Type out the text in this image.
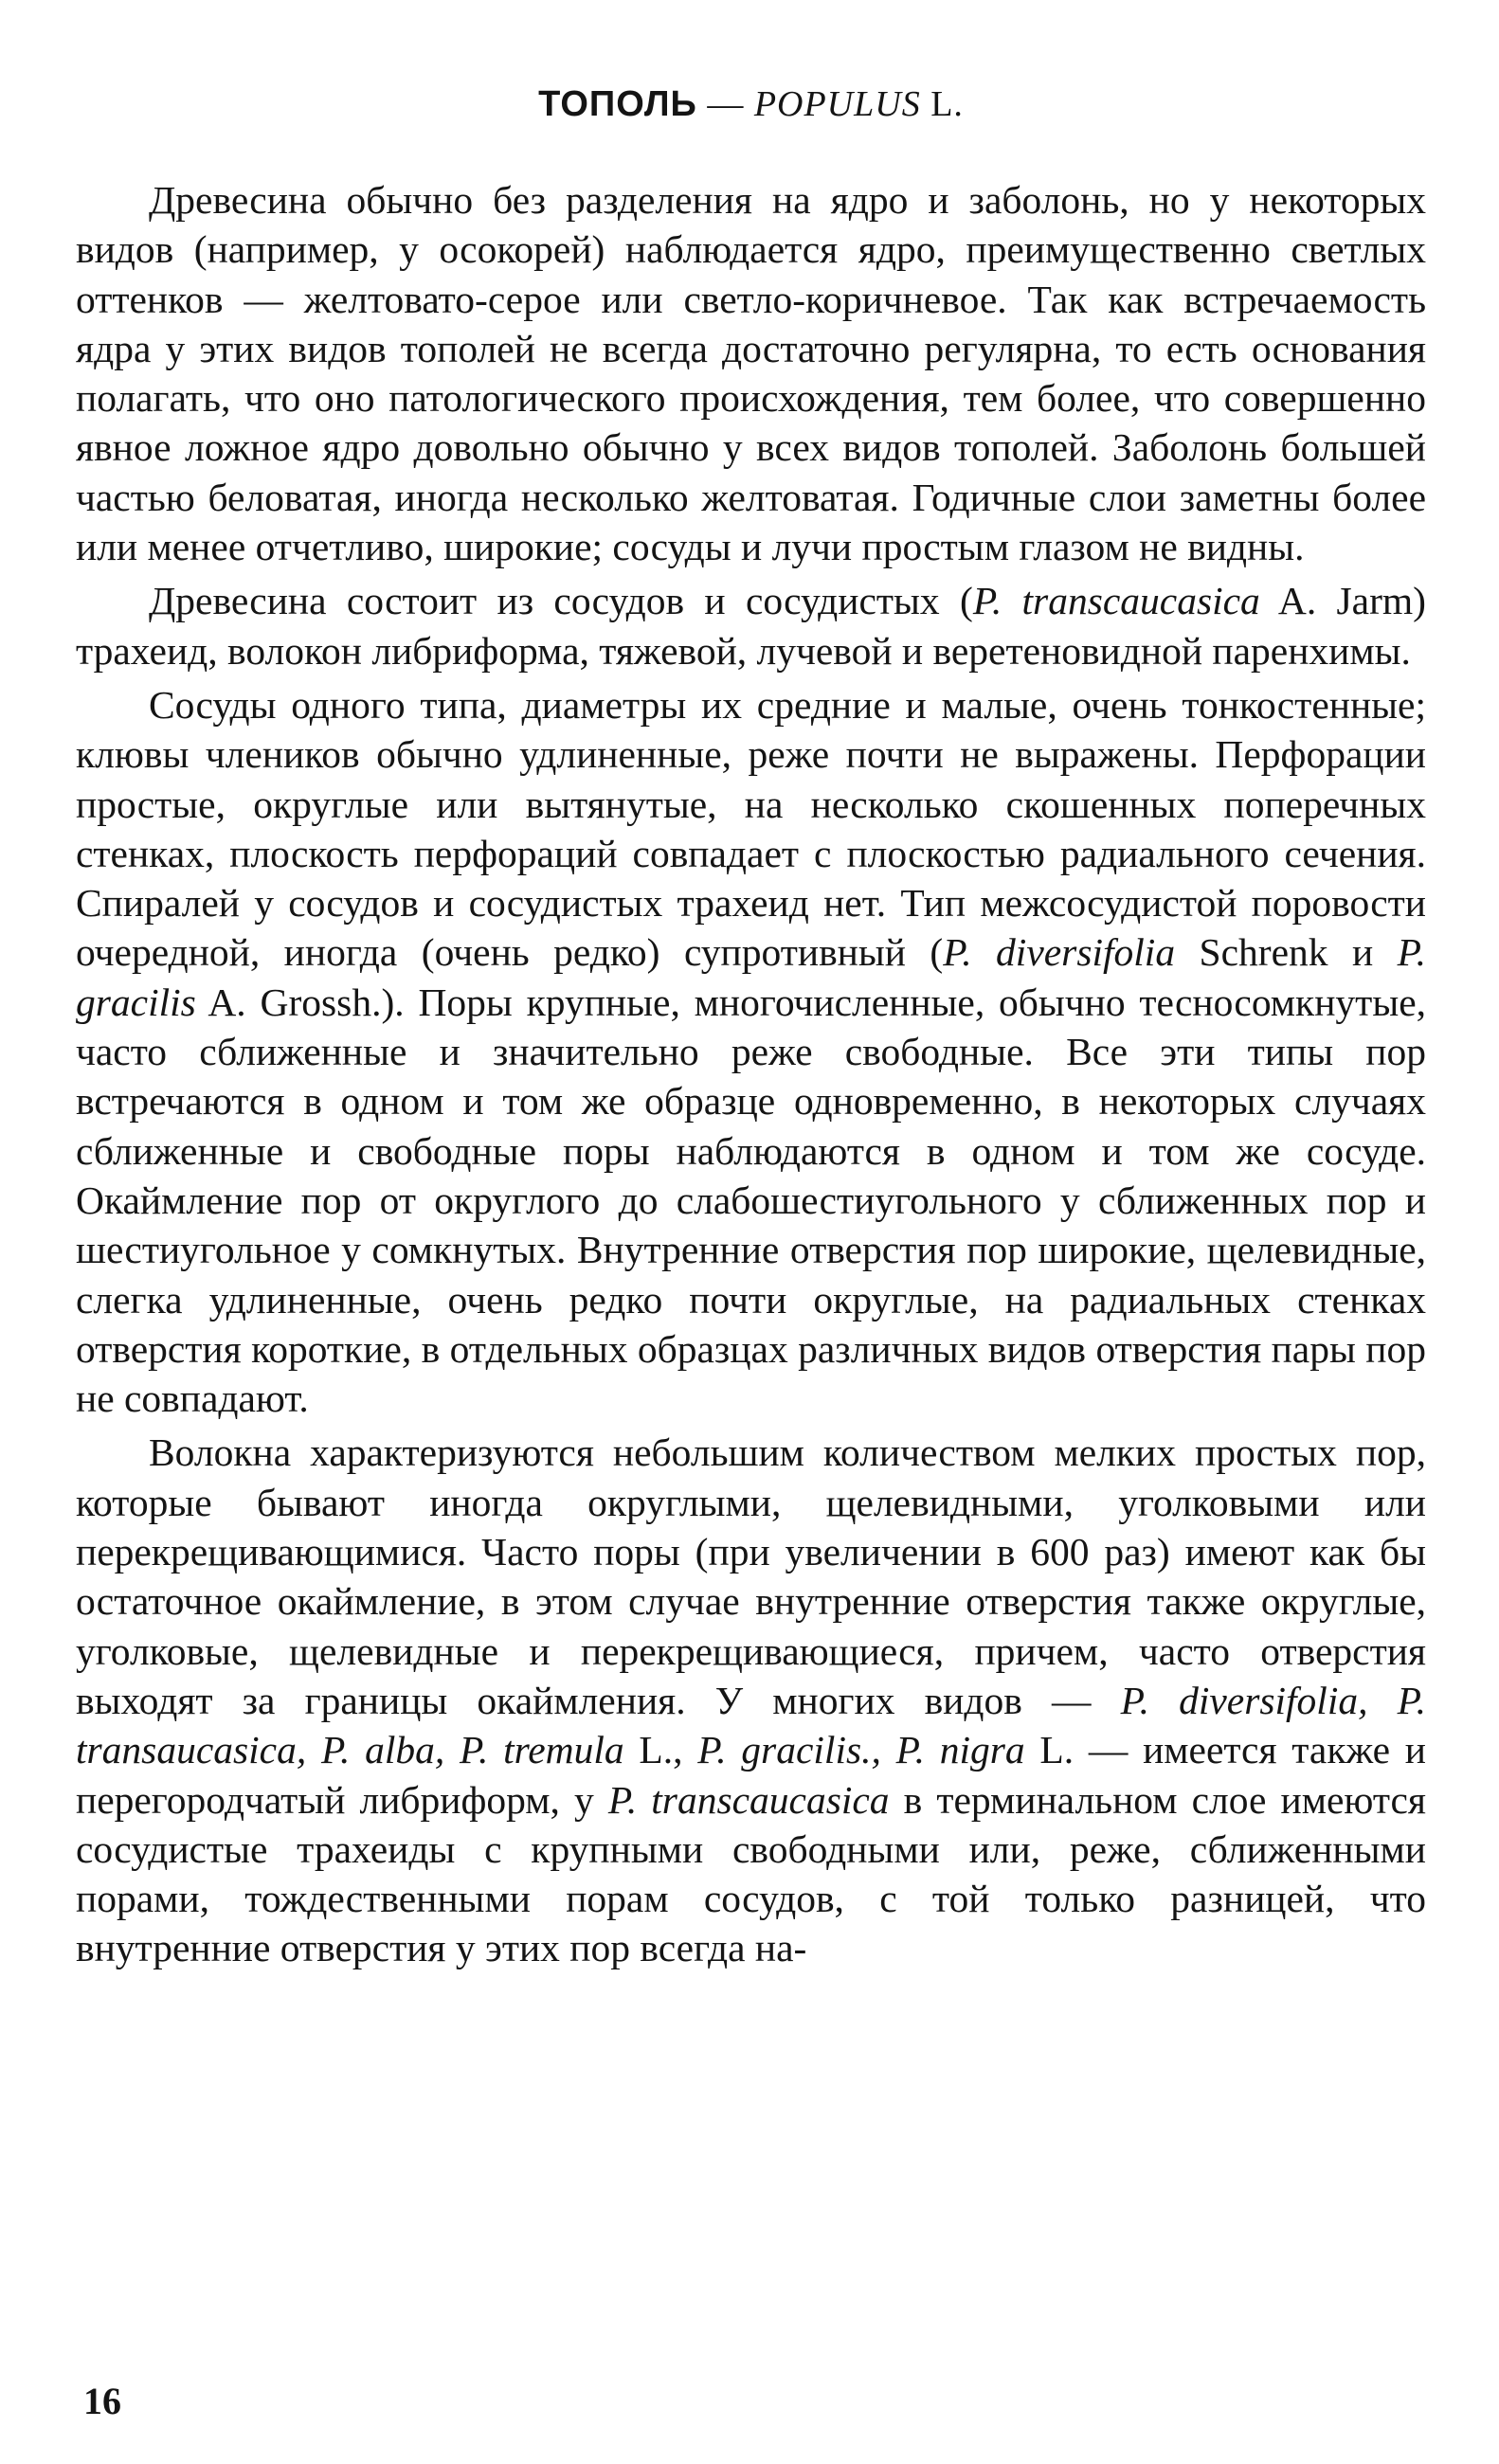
ТОПОЛЬ — POPULUS L.

Древесина обычно без разделения на ядро и заболонь, но у некоторых видов (например, у осокорей) наблюдается ядро, преимущественно светлых оттенков — желтовато-серое или светло-коричневое. Так как встречаемость ядра у этих видов тополей не всегда достаточно регулярна, то есть основания полагать, что оно патологического происхождения, тем более, что совершенно явное ложное ядро довольно обычно у всех видов тополей. Заболонь большей частью беловатая, иногда несколько желтоватая. Годичные слои заметны более или менее отчетливо, широкие; сосуды и лучи простым глазом не видны.

Древесина состоит из сосудов и сосудистых (P. transcaucasica A. Jarm) трахеид, волокон либриформа, тяжевой, лучевой и веретеновидной паренхимы.

Сосуды одного типа, диаметры их средние и малые, очень тонкостенные; клювы члеников обычно удлиненные, реже почти не выражены. Перфорации простые, округлые или вытянутые, на несколько скошенных поперечных стенках, плоскость перфораций совпадает с плоскостью радиального сечения. Спиралей у сосудов и сосудистых трахеид нет. Тип межсосудистой поровости очередной, иногда (очень редко) супротивный (P. diversifolia Schrenk и P. gracilis A. Grossh.). Поры крупные, многочисленные, обычно тесносомкнутые, часто сближенные и значительно реже свободные. Все эти типы пор встречаются в одном и том же образце одновременно, в некоторых случаях сближенные и свободные поры наблюдаются в одном и том же сосуде. Окаймление пор от округлого до слабошестиугольного у сближенных пор и шестиугольное у сомкнутых. Внутренние отверстия пор широкие, щелевидные, слегка удлиненные, очень редко почти округлые, на радиальных стенках отверстия короткие, в отдельных образцах различных видов отверстия пары пор не совпадают.

Волокна характеризуются небольшим количеством мелких простых пор, которые бывают иногда округлыми, щелевидными, уголковыми или перекрещивающимися. Часто поры (при увеличении в 600 раз) имеют как бы остаточное окаймление, в этом случае внутренние отверстия также округлые, уголковые, щелевидные и перекрещивающиеся, причем, часто отверстия выходят за границы окаймления. У многих видов — P. diversifolia, P. transaucasica, P. alba, P. tremula L., P. gracilis., P. nigra L. — имеется также и перегородчатый либриформ, у P. transcaucasica в терминальном слое имеются сосудистые трахеиды с крупными свободными или, реже, сближенными порами, тождественными порам сосудов, с той только разницей, что внутренние отверстия у этих пор всегда на-

16
